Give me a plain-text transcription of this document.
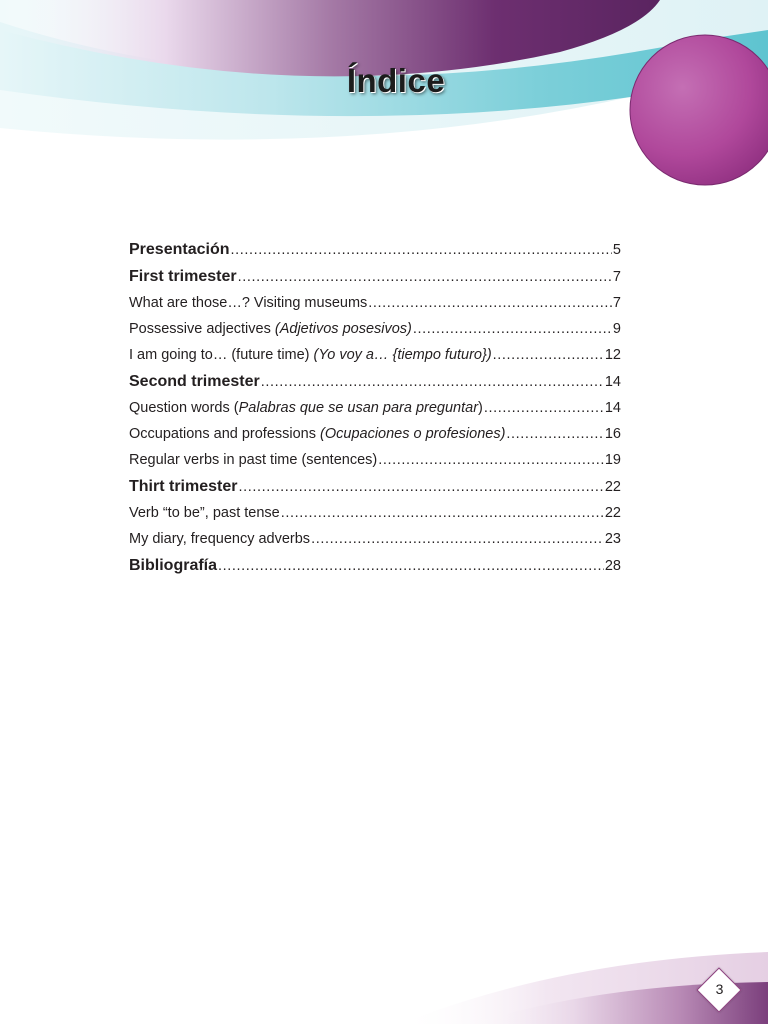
Índice
Presentación .....	5
First trimester .....	7
What are those…? Visiting museums .....	7
Possessive adjectives (Adjetivos posesivos) .....	9
I am going to… (future time) (Yo voy a… {tiempo futuro}) .....	12
Second trimester .....	14
Question words (Palabras que se usan para preguntar) .....	14
Occupations and professions (Ocupaciones o profesiones) .....	16
Regular verbs in past time (sentences) .....	19
Thirt trimester .....	22
Verb “to be”, past tense .....	22
My diary, frequency adverbs .....	23
Bibliografía .....	28
3
